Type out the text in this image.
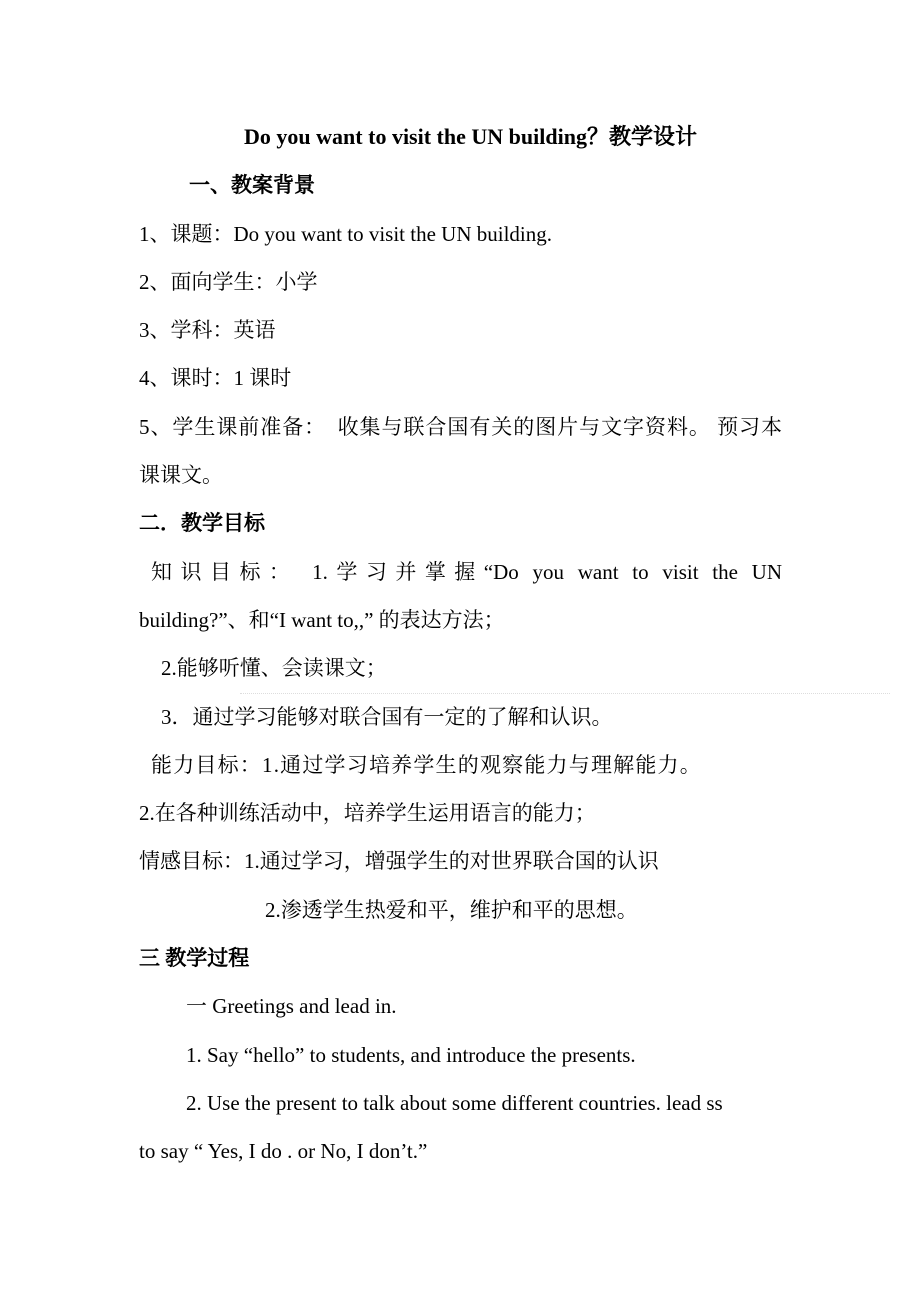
Do you want to visit the UN building？教学设计
一、教案背景
1、课题：Do you want to visit the UN building.
2、面向学生：小学
3、学科：英语
4、课时：1 课时
5、学生课前准备：　收集与联合国有关的图片与文字资料。 预习本
课课文。
二．教学目标
知识目标： 1.学习并掌握“Do you want to visit the UN
building?”、和“I want to,,” 的表达方法；
2.能够听懂、会读课文；
3．通过学习能够对联合国有一定的了解和认识。
能力目标：1.通过学习培养学生的观察能力与理解能力。
2.在各种训练活动中，培养学生运用语言的能力；
情感目标：1.通过学习，增强学生的对世界联合国的认识
2.渗透学生热爱和平，维护和平的思想。
三 教学过程
一 Greetings and lead in.
1. Say “hello” to students, and introduce the presents.
2. Use the present to talk about some different countries. lead ss
to say “ Yes, I do . or No, I don’t.”
